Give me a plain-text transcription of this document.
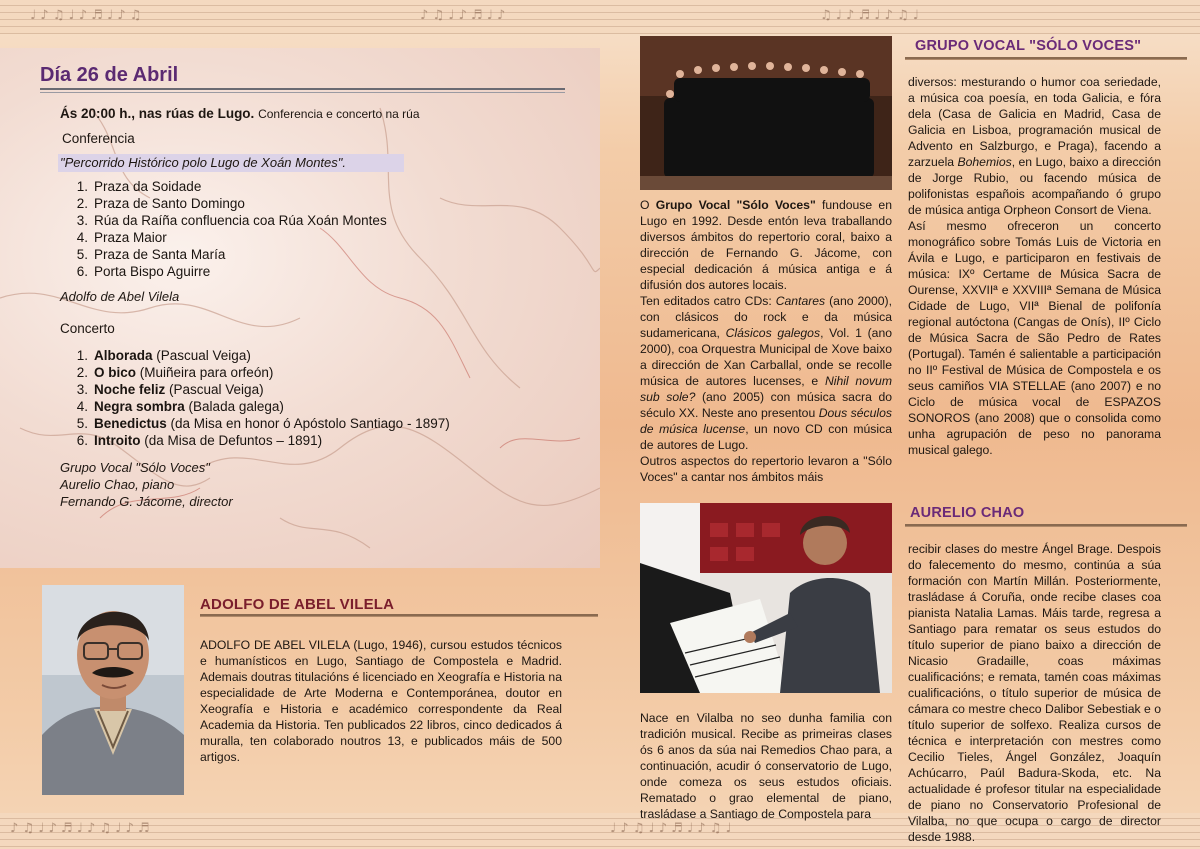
♩ ♪ ♫ ♩ ♪ ♬ ♩ ♪ ♫	♪ ♫ ♩ ♪ ♬ ♩ ♪	♫ ♩ ♪ ♬ ♩ ♪ ♫ ♩
♪ ♫ ♩ ♪ ♬ ♩ ♪ ♫ ♩ ♪ ♬	♩ ♪ ♫ ♩ ♪ ♬ ♩ ♪ ♫ ♩
Día 26 de Abril
Ás 20:00 h., nas rúas de Lugo. Conferencia e concerto na rúa
Conferencia
"Percorrido Histórico polo Lugo de Xoán Montes".
1. Praza da Soidade
2. Praza de Santo Domingo
3. Rúa da Raíña confluencia coa Rúa Xoán Montes
4. Praza Maior
5. Praza de Santa María
6. Porta Bispo Aguirre
Adolfo de Abel Vilela
Concerto
1. Alborada (Pascual Veiga)
2. O bico (Muiñeira para orfeón)
3. Noche feliz (Pascual Veiga)
4. Negra sombra (Balada galega)
5. Benedictus (da Misa en honor ó Apóstolo Santiago - 1897)
6. Introito (da Misa de Defuntos – 1891)
Grupo Vocal "Sólo Voces"
Aurelio Chao, piano
Fernando G. Jácome, director
ADOLFO DE ABEL VILELA
ADOLFO DE ABEL VILELA (Lugo, 1946), cursou estudos técnicos e humanísticos en Lugo, Santiago de Compostela e Madrid. Ademais doutras titulacións é licenciado en Xeografía e Historia na especialidade de Arte Moderna e Contemporánea, doutor en Xeografía e Historia e académico correspondente da Real Academia da Historia. Ten publicados 22 libros, cinco dedicados á muralla, ten colaborado noutros 13, e publicados máis de 500 artigos.
GRUPO VOCAL "SÓLO VOCES"
O Grupo Vocal "Sólo Voces" fundouse en Lugo en 1992. Desde entón leva traballando diversos ámbitos do repertorio coral, baixo a dirección de Fernando G. Jácome, con especial dedicación á música antiga e á difusión dos autores locais.
Ten editados catro CDs: Cantares (ano 2000), con clásicos do rock e da música sudamericana, Clásicos galegos, Vol. 1 (ano 2000), coa Orquestra Municipal de Xove baixo a dirección de Xan Carballal, onde se recolle música de autores lucenses, e Nihil novum sub sole? (ano 2005) con música sacra do século XX. Neste ano presentou Dous séculos de música lucense, un novo CD con música de autores de Lugo.
Outros aspectos do repertorio levaron a "Sólo Voces" a cantar nos ámbitos máis
diversos: mesturando o humor coa seriedade, a música coa poesía, en toda Galicia, e fóra dela (Casa de Galicia en Madrid, Casa de Galicia en Lisboa, programación musical de Advento en Salzburgo, e Praga), facendo a zarzuela Bohemios, en Lugo, baixo a dirección de Jorge Rubio, ou facendo música de polifonistas españois acompañando ó grupo de música antiga Orpheon Consort de Viena.
Así mesmo ofreceron un concerto monográfico sobre Tomás Luis de Victoria en Ávila e Lugo, e participaron en festivais de música: IXº Certame de Música Sacra de Ourense, XXVIIª e XXVIIIª Semana de Música Cidade de Lugo, VIIª Bienal de polifonía regional autóctona (Cangas de Onís), IIº Ciclo de Música Sacra de São Pedro de Rates (Portugal). Tamén é salientable a participación no IIº Festival de Música de Compostela e os seus camiños VIA STELLAE (ano 2007) e no Ciclo de música vocal de ESPAZOS SONOROS (ano 2008) que o consolida como unha agrupación de peso no panorama musical galego.
AURELIO CHAO
Nace en Vilalba no seo dunha familia con tradición musical. Recibe as primeiras clases ós 6 anos da súa nai Remedios Chao para, a continuación, acudir ó conservatorio de Lugo, onde comeza os seus estudos oficiais. Rematado o grao elemental de piano, trasládase a Santiago de Compostela para
recibir clases do mestre Ángel Brage. Despois do falecemento do mesmo, continúa a súa formación con Martín Millán. Posteriormente, trasládase á Coruña, onde recibe clases coa pianista Natalia Lamas. Máis tarde, regresa a Santiago para rematar os seus estudos do título superior de piano baixo a dirección de Nicasio Gradaille, coas máximas cualificacións; e remata, tamén coas máximas cualificacións, o título superior de música de cámara co mestre checo Dalibor Sebestiak e o título superior de solfexo. Realiza cursos de técnica e interpretación con mestres como Cecilio Tieles, Ángel González, Joaquín Achúcarro, Paúl Badura-Skoda, etc. Na actualidade é profesor titular na especialidade de piano no Conservatorio Profesional de Vilalba, no que ocupa o cargo de director desde 1988.
